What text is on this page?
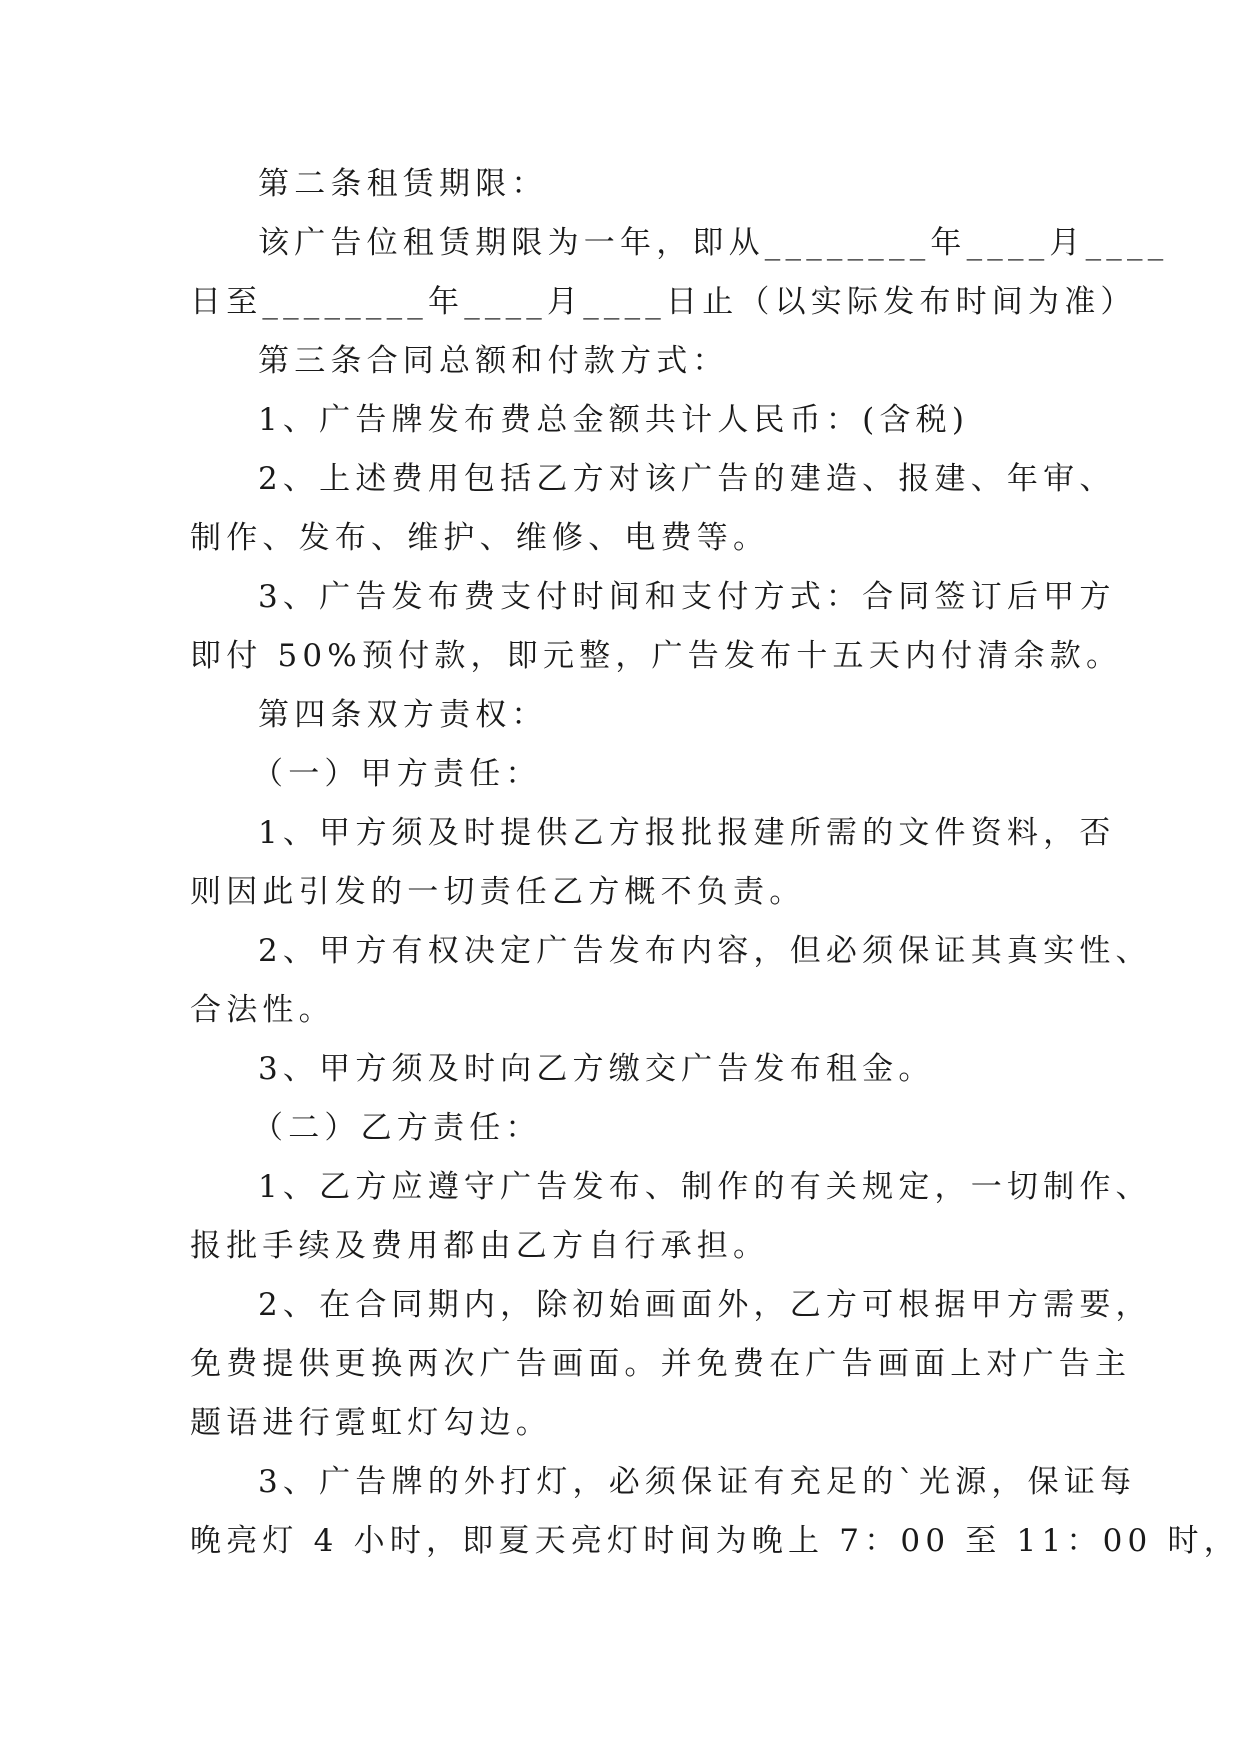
第二条租赁期限：
该广告位租赁期限为一年，即从________年____月____
日至________年____月____日止（以实际发布时间为准）
第三条合同总额和付款方式：
1、广告牌发布费总金额共计人民币：(含税)
2、上述费用包括乙方对该广告的建造、报建、年审、
制作、发布、维护、维修、电费等。
3、广告发布费支付时间和支付方式：合同签订后甲方
即付 50%预付款，即元整，广告发布十五天内付清余款。
第四条双方责权：
（一）甲方责任：
1、甲方须及时提供乙方报批报建所需的文件资料，否
则因此引发的一切责任乙方概不负责。
2、甲方有权决定广告发布内容，但必须保证其真实性、
合法性。
3、甲方须及时向乙方缴交广告发布租金。
（二）乙方责任：
1、乙方应遵守广告发布、制作的有关规定，一切制作、
报批手续及费用都由乙方自行承担。
2、在合同期内，除初始画面外，乙方可根据甲方需要，
免费提供更换两次广告画面。并免费在广告画面上对广告主
题语进行霓虹灯勾边。
3、广告牌的外打灯，必须保证有充足的`光源，保证每
晚亮灯 4 小时，即夏天亮灯时间为晚上 7：00 至 11：00 时，
